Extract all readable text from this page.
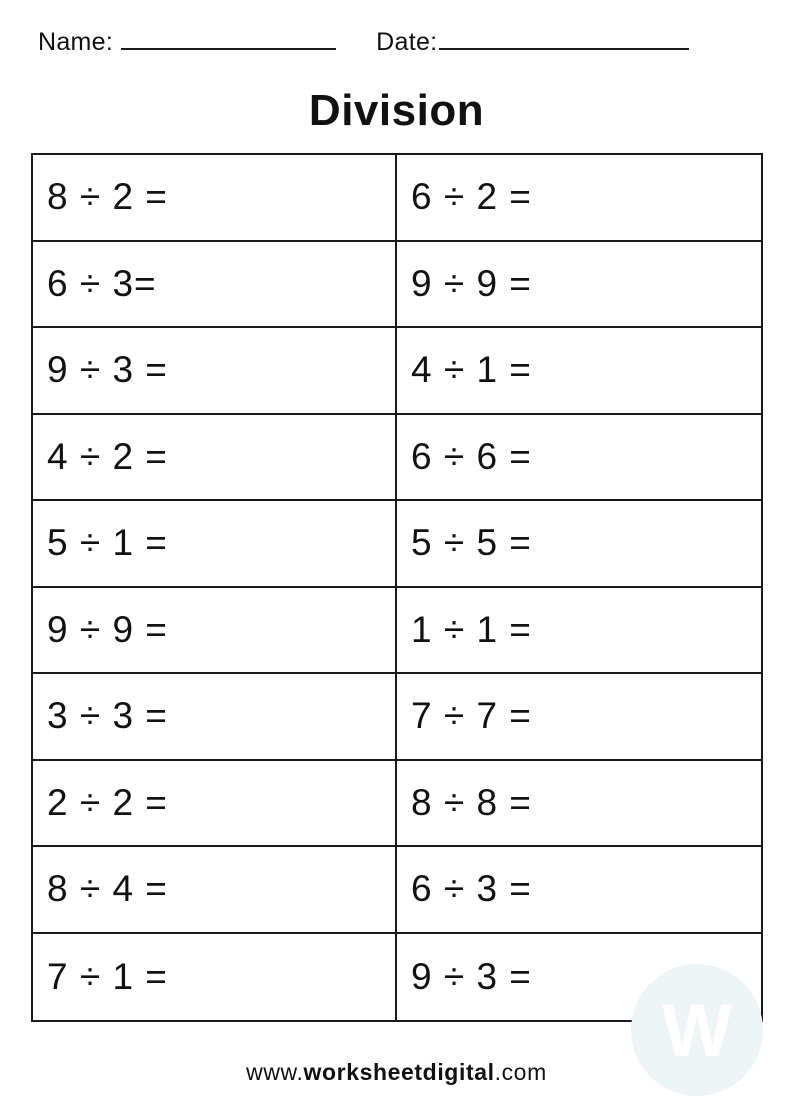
Name:	Date:
Division
8 ÷ 2 =	6 ÷ 2 =
6 ÷ 3=	9 ÷ 9 =
9 ÷ 3 =	4 ÷ 1 =
4 ÷ 2 =	6 ÷ 6 =
5 ÷ 1 =	5 ÷ 5 =
9 ÷ 9 =	1 ÷ 1 =
3 ÷ 3 =	7 ÷ 7 =
2 ÷ 2 =	8 ÷ 8 =
8 ÷ 4 =	6 ÷ 3 =
7 ÷ 1 =	9 ÷ 3 =
W
www.worksheetdigital.com
